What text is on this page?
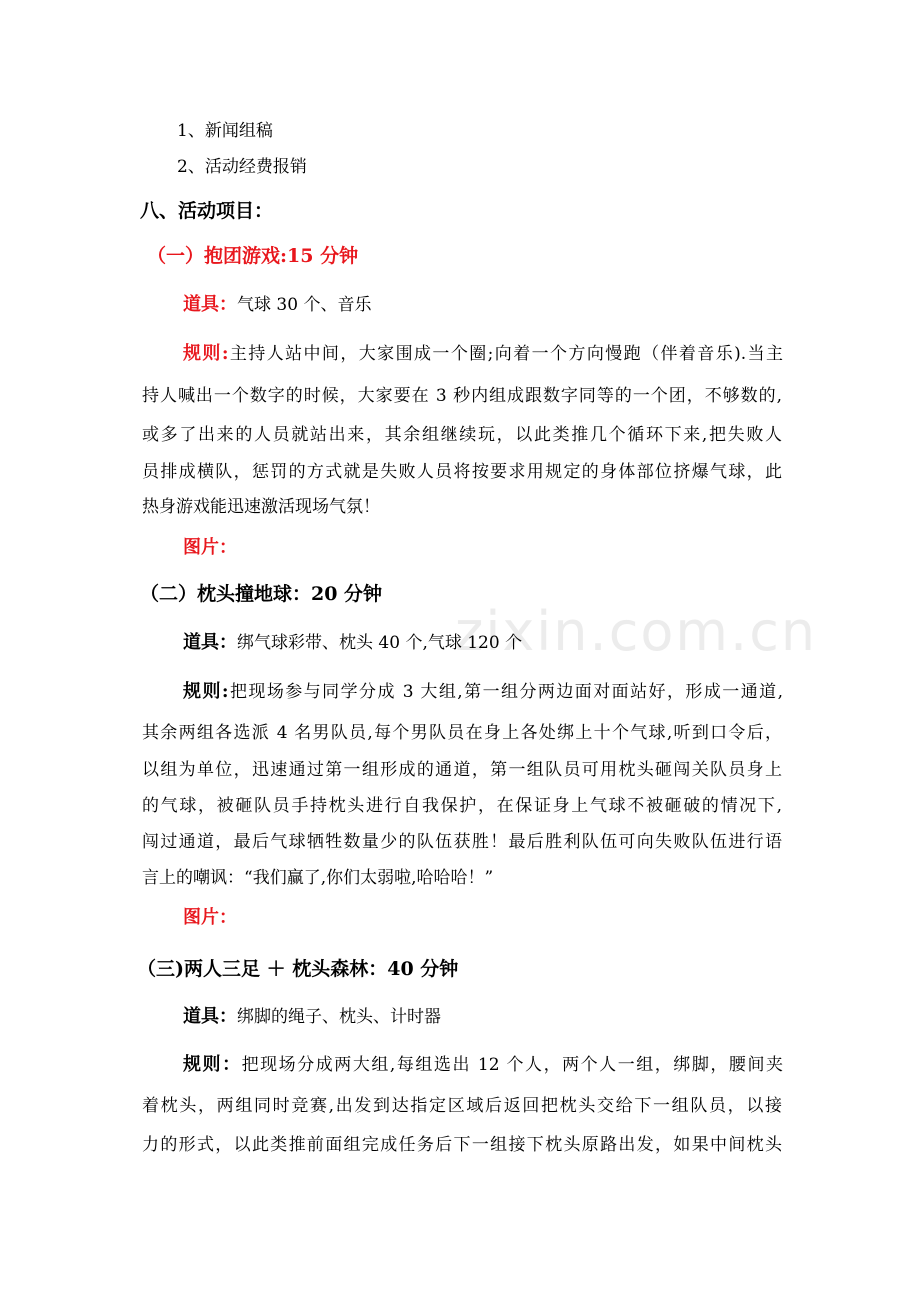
zixin.com.cn
1、新闻组稿
2、活动经费报销
八、活动项目：
（一）抱团游戏:15 分钟
道具：气球 30 个、音乐
规则:主持人站中间，大家围成一个圈;向着一个方向慢跑（伴着音乐).当主
持人喊出一个数字的时候，大家要在 3 秒内组成跟数字同等的一个团，不够数的,
或多了出来的人员就站出来，其余组继续玩，以此类推几个循环下来,把失败人
员排成横队，惩罚的方式就是失败人员将按要求用规定的身体部位挤爆气球，此
热身游戏能迅速激活现场气氛！
图片：
（二）枕头撞地球：20 分钟
道具：绑气球彩带、枕头 40 个,气球 120 个
规则:把现场参与同学分成 3 大组,第一组分两边面对面站好，形成一通道,
其余两组各选派 4 名男队员,每个男队员在身上各处绑上十个气球,听到口令后，
以组为单位，迅速通过第一组形成的通道，第一组队员可用枕头砸闯关队员身上
的气球，被砸队员手持枕头进行自我保护，在保证身上气球不被砸破的情况下,
闯过通道，最后气球牺牲数量少的队伍获胜！最后胜利队伍可向失败队伍进行语
言上的嘲讽：“我们赢了,你们太弱啦,哈哈哈！”
图片：
（三)两人三足 ＋ 枕头森林：40 分钟
道具：绑脚的绳子、枕头、计时器
规则：把现场分成两大组,每组选出 12 个人，两个人一组，绑脚，腰间夹
着枕头，两组同时竞赛,出发到达指定区域后返回把枕头交给下一组队员，以接
力的形式，以此类推前面组完成任务后下一组接下枕头原路出发，如果中间枕头
